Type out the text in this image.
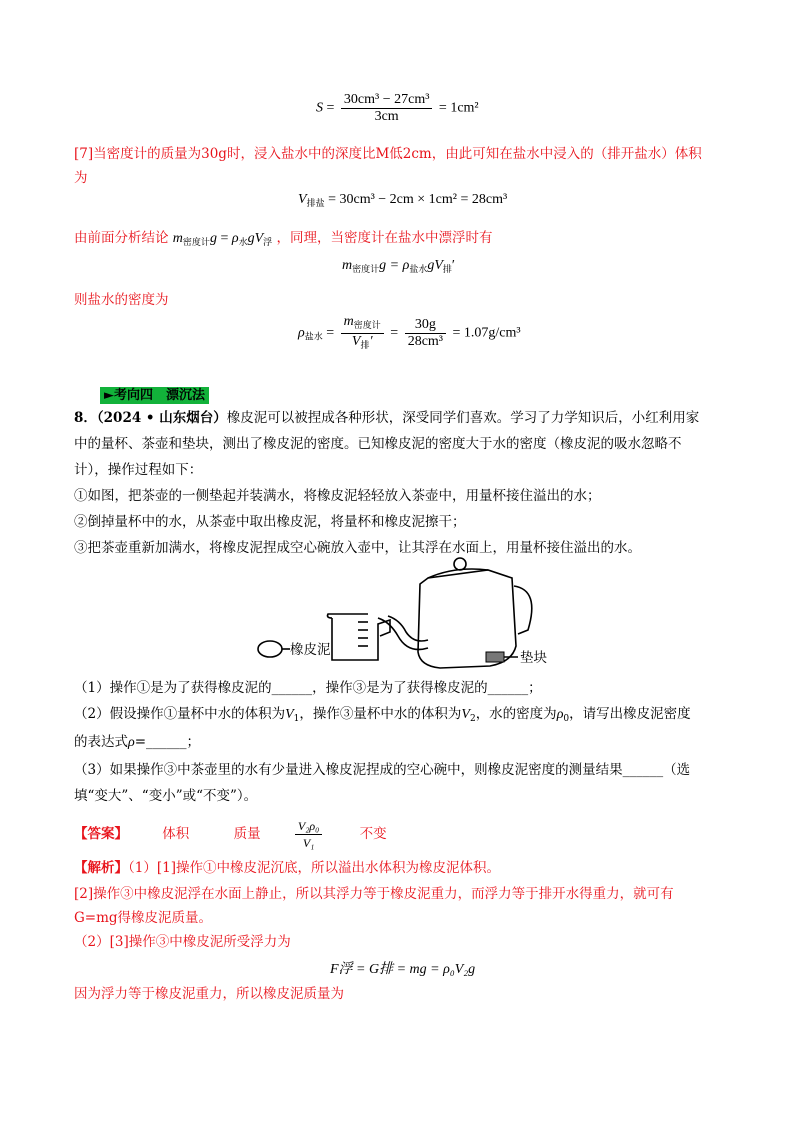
$S = \frac{\text{30cm³ − 27cm³}}{3cm} = 1cm^2$
[7]当密度计的质量为30g时，浸入盐水中的深度比M低2cm，由此可知在盐水中浸入的（排开盐水）体积
为
$V_{排盐} = 30cm^3 - 2cm \times 1cm^2 = 28cm^3$
由前面分析结论 $m_{密度计}g = \rho_水gV_浮$ ，同理，当密度计在盐水中漂浮时有
$m_{密度计}g = \rho_{盐水}gV_排'$
则盐水的密度为
$\rho_{盐水} = \frac{m_{密度计}}{V_排'} = \frac{30g}{\text{28cm³}} = 1.07g/cm^3$
►考向四　漂沉法
8．（2024 • 山东烟台）橡皮泥可以被捏成各种形状，深受同学们喜欢。学习了力学知识后，小红利用家
中的量杯、茶壶和垫块，测出了橡皮泥的密度。已知橡皮泥的密度大于水的密度（橡皮泥的吸水忽略不
计），操作过程如下：
①如图，把茶壶的一侧垫起并装满水，将橡皮泥轻轻放入茶壶中，用量杯接住溢出的水；
②倒掉量杯中的水，从茶壶中取出橡皮泥，将量杯和橡皮泥擦干；
③把茶壶重新加满水，将橡皮泥捏成空心碗放入壶中，让其浮在水面上，用量杯接住溢出的水。
橡皮泥	垫块
（1）操作①是为了获得橡皮泥的______，操作③是为了获得橡皮泥的______；
（2）假设操作①量杯中水的体积为$V_1$，操作③量杯中水的体积为$V_2$，水的密度为$\rho_0$，请写出橡皮泥密度
的表达式ρ=______；
（3）如果操作③中茶壶里的水有少量进入橡皮泥捏成的空心碗中，则橡皮泥密度的测量结果______（选
填“变大”、“变小”或“不变”）。
【答案】	体积	质量	$\frac{\text{V₂ρ₀}}{\text{V₁}}$	不变
【解析】（1）[1]操作①中橡皮泥沉底，所以溢出水体积为橡皮泥体积。
[2]操作③中橡皮泥浮在水面上静止，所以其浮力等于橡皮泥重力，而浮力等于排开水得重力，就可有
G=mg得橡皮泥质量。
（2）[3]操作③中橡皮泥所受浮力为
F浮 = G排 = mg = ρ₀V₂g
因为浮力等于橡皮泥重力，所以橡皮泥质量为
